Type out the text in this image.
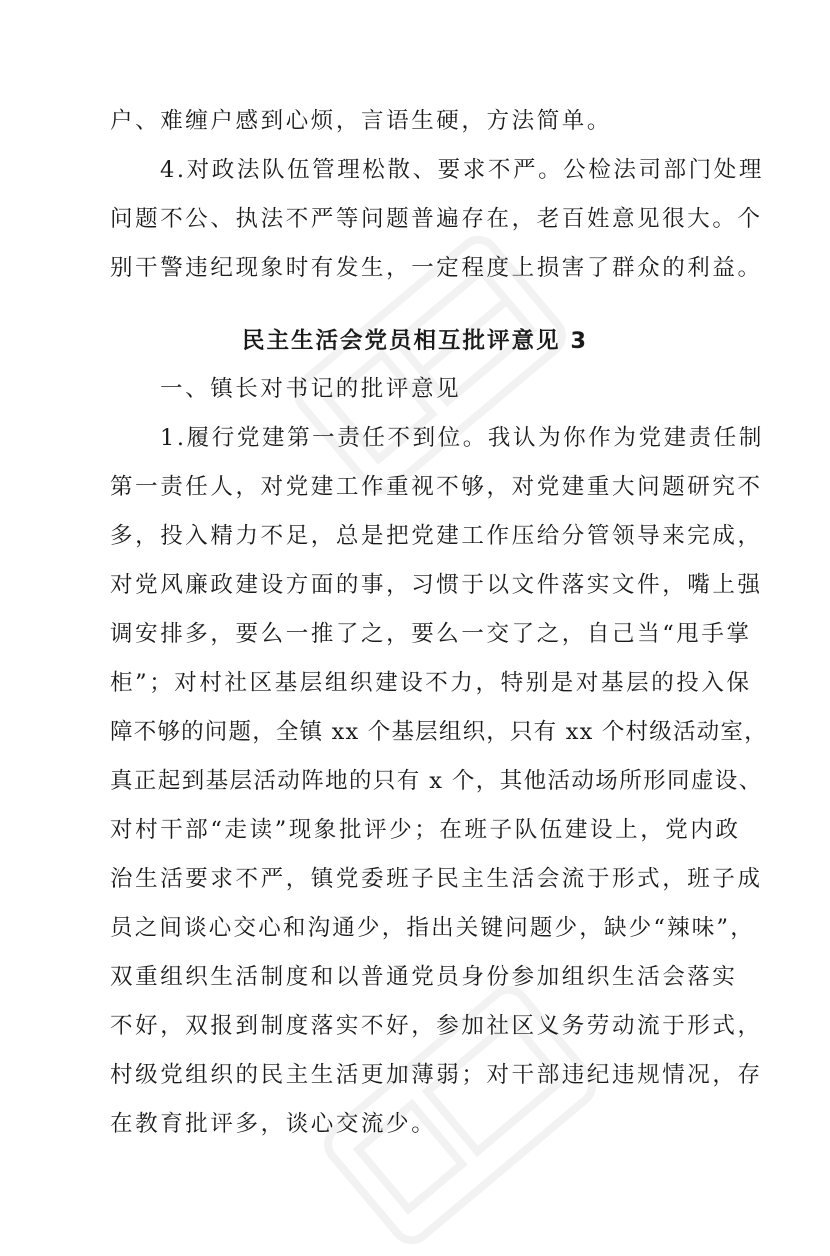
户、难缠户感到心烦，言语生硬，方法简单。
4.对政法队伍管理松散、要求不严。公检法司部门处理
问题不公、执法不严等问题普遍存在，老百姓意见很大。个
别干警违纪现象时有发生，一定程度上损害了群众的利益。
民主生活会党员相互批评意见 3
一、镇长对书记的批评意见
1.履行党建第一责任不到位。我认为你作为党建责任制
第一责任人，对党建工作重视不够，对党建重大问题研究不
多，投入精力不足，总是把党建工作压给分管领导来完成，
对党风廉政建设方面的事，习惯于以文件落实文件，嘴上强
调安排多，要么一推了之，要么一交了之，自己当“甩手掌
柜”；对村社区基层组织建设不力，特别是对基层的投入保
障不够的问题，全镇 xx 个基层组织，只有 xx 个村级活动室，
真正起到基层活动阵地的只有 x 个，其他活动场所形同虚设、
对村干部“走读”现象批评少；在班子队伍建设上，党内政
治生活要求不严，镇党委班子民主生活会流于形式，班子成
员之间谈心交心和沟通少，指出关键问题少，缺少“辣味”，
双重组织生活制度和以普通党员身份参加组织生活会落实
不好，双报到制度落实不好，参加社区义务劳动流于形式，
村级党组织的民主生活更加薄弱；对干部违纪违规情况，存
在教育批评多，谈心交流少。
